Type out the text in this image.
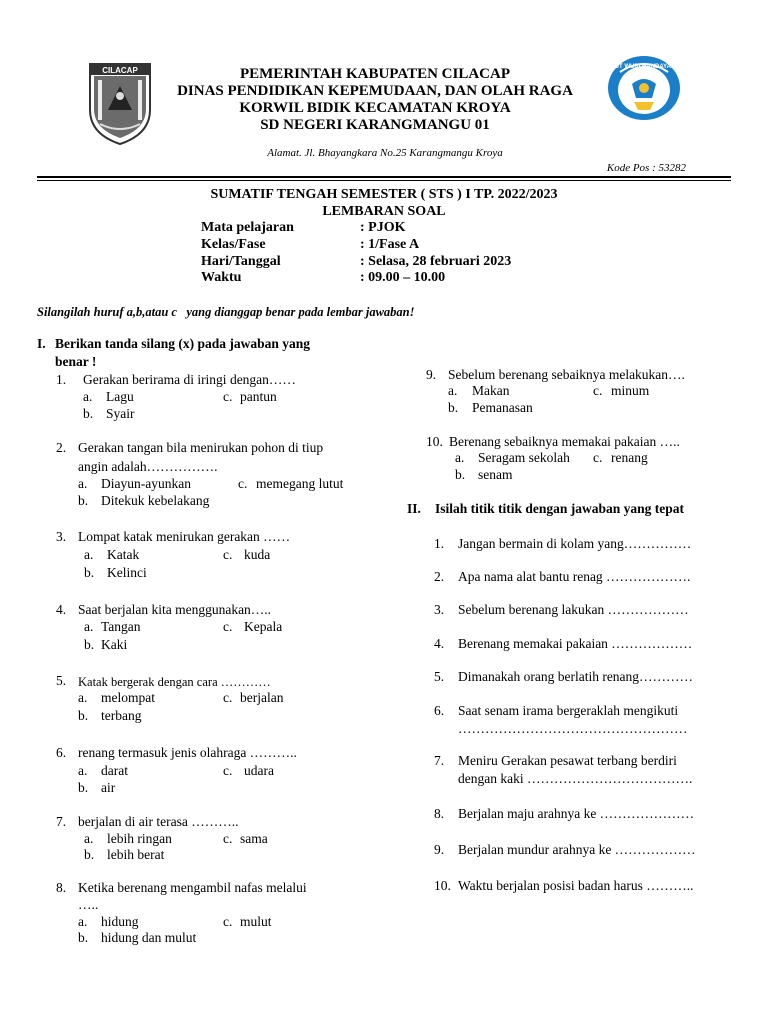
CILACAP	TUT WURI HANDAYANI
PEMERINTAH KABUPATEN CILACAP
DINAS PENDIDIKAN KEPEMUDAAN, DAN OLAH RAGA
KORWIL BIDIK KECAMATAN KROYA
SD NEGERI KARANGMANGU 01
Alamat. Jl. Bhayangkara No.25 Karangmangu Kroya
Kode Pos : 53282
SUMATIF TENGAH SEMESTER ( STS ) I TP. 2022/2023
LEMBARAN SOAL
Mata pelajaran	: PJOK
Kelas/Fase	: 1/Fase A
Hari/Tanggal	: Selasa, 28 februari 2023
Waktu	: 09.00 – 10.00
Silangilah huruf a,b,atau c   yang dianggap benar pada lembar jawaban!
I. Berikan tanda silang (x) pada jawaban yang
benar !
1. Gerakan berirama di iringi dengan……
a. Lagu	c. pantun
b. Syair
2. Gerakan tangan bila menirukan pohon di tiup
angin adalah…………….
a. Diayun-ayunkan	c. memegang lutut
b. Ditekuk kebelakang
3. Lompat katak menirukan gerakan ……
a. Katak	c. kuda
b. Kelinci
4. Saat berjalan kita menggunakan…..
a. Tangan	c. Kepala
b. Kaki
5. Katak bergerak dengan cara …………
a. melompat	c. berjalan
b. terbang
6. renang termasuk jenis olahraga ………..
a. darat	c. udara
b. air
7. berjalan di air terasa ………..
a. lebih ringan	c. sama
b. lebih berat
8. Ketika berenang mengambil nafas melalui
…..
a. hidung	c. mulut
b. hidung dan mulut
9. Sebelum berenang sebaiknya melakukan….
a. Makan	c. minum
b. Pemanasan
10. Berenang sebaiknya memakai pakaian …..
a. Seragam sekolah c. renang
b. senam
II. Isilah titik titik dengan jawaban yang tepat
1. Jangan bermain di kolam yang……………
2. Apa nama alat bantu renag ……………….
3. Sebelum berenang lakukan ………………
4. Berenang memakai pakaian ………………
5. Dimanakah orang berlatih renang…………
6. Saat senam irama bergeraklah mengikuti
……………………………………………
7. Meniru Gerakan pesawat terbang berdiri
dengan kaki ……………………………….
8. Berjalan maju arahnya ke …………………
9. Berjalan mundur arahnya ke ………………
10. Waktu berjalan posisi badan harus ………..
